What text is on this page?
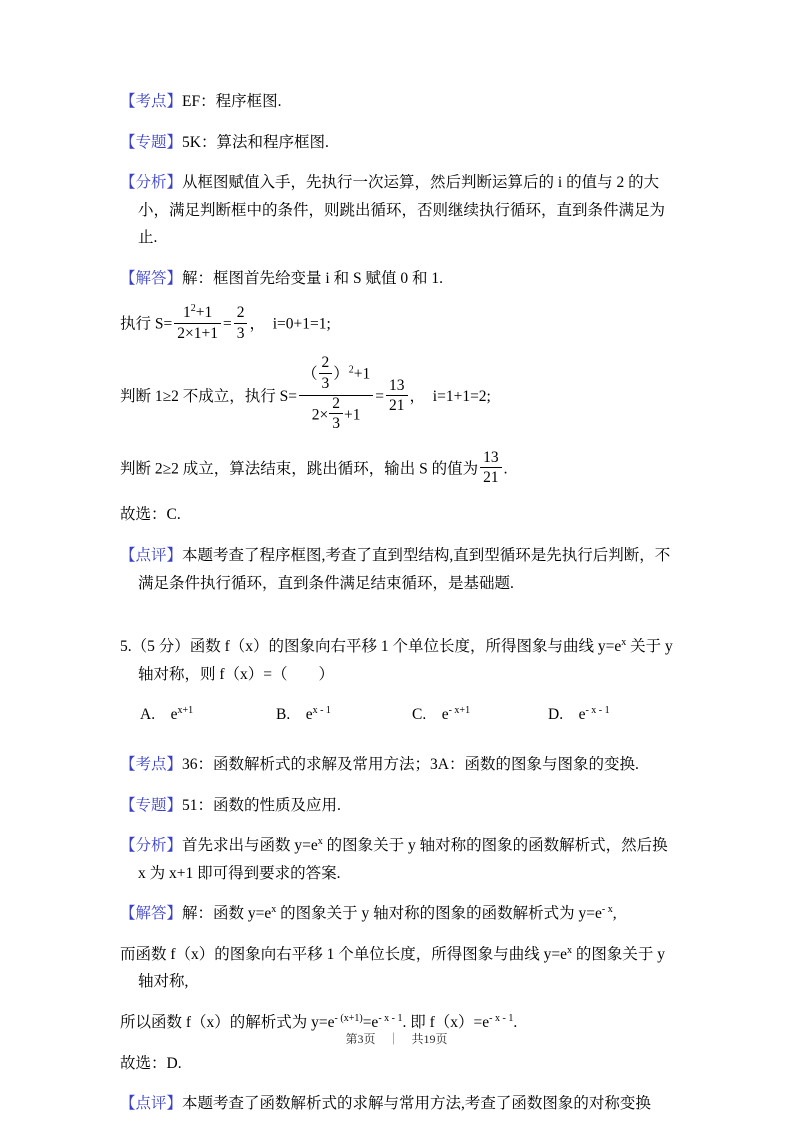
【考点】EF：程序框图.

【专题】5K：算法和程序框图.

【分析】从框图赋值入手，先执行一次运算，然后判断运算后的 i 的值与 2 的大小，满足判断框中的条件，则跳出循环，否则继续执行循环，直到条件满足为止.

【解答】解：框图首先给变量 i 和 S 赋值 0 和 1.

执行 $S= \frac{1^2+1}{2\times 1+1} = \frac{2}{3}$ ，　i=0+1=1;

判断 1≥2 不成立，执行 $S= \frac{( \frac{2}{3} )^2+1}{2\times \frac{2}{3} +1} = \frac{13}{21}$ ，　i=1+1=2;

判断 2≥2 成立，算法结束，跳出循环，输出 S 的值为 $\frac{13}{21}$ .

故选：C.

【点评】本题考查了程序框图,考查了直到型结构,直到型循环是先执行后判断，不满足条件执行循环，直到条件满足结束循环，是基础题.

5.（5 分）函数 f（x）的图象向右平移 1 个单位长度，所得图象与曲线 $y=e^x$ 关于 y 轴对称，则 f（x）=（　　）

A.　$e^{x+1}$	B.　$e^{x - 1}$	C.　$e^{- x+1}$	D.　$e^{- x - 1}$

【考点】36：函数解析式的求解及常用方法；3A：函数的图象与图象的变换.

【专题】51：函数的性质及应用.

【分析】首先求出与函数 $y=e^x$ 的图象关于 y 轴对称的图象的函数解析式，然后换 x 为 x+1 即可得到要求的答案.

【解答】解：函数 $y=e^x$ 的图象关于 y 轴对称的图象的函数解析式为 $y=e^{- x}$,

而函数 f（x）的图象向右平移 1 个单位长度，所得图象与曲线 $y=e^x$ 的图象关于 y 轴对称,

所以函数 f（x）的解析式为 $y=e^{- (x+1)}=e^{- x - 1}$. 即 $f(x)=e^{- x - 1}$.

故选：D.

【点评】本题考查了函数解析式的求解与常用方法,考查了函数图象的对称变换

第3页 ｜ 共19页
